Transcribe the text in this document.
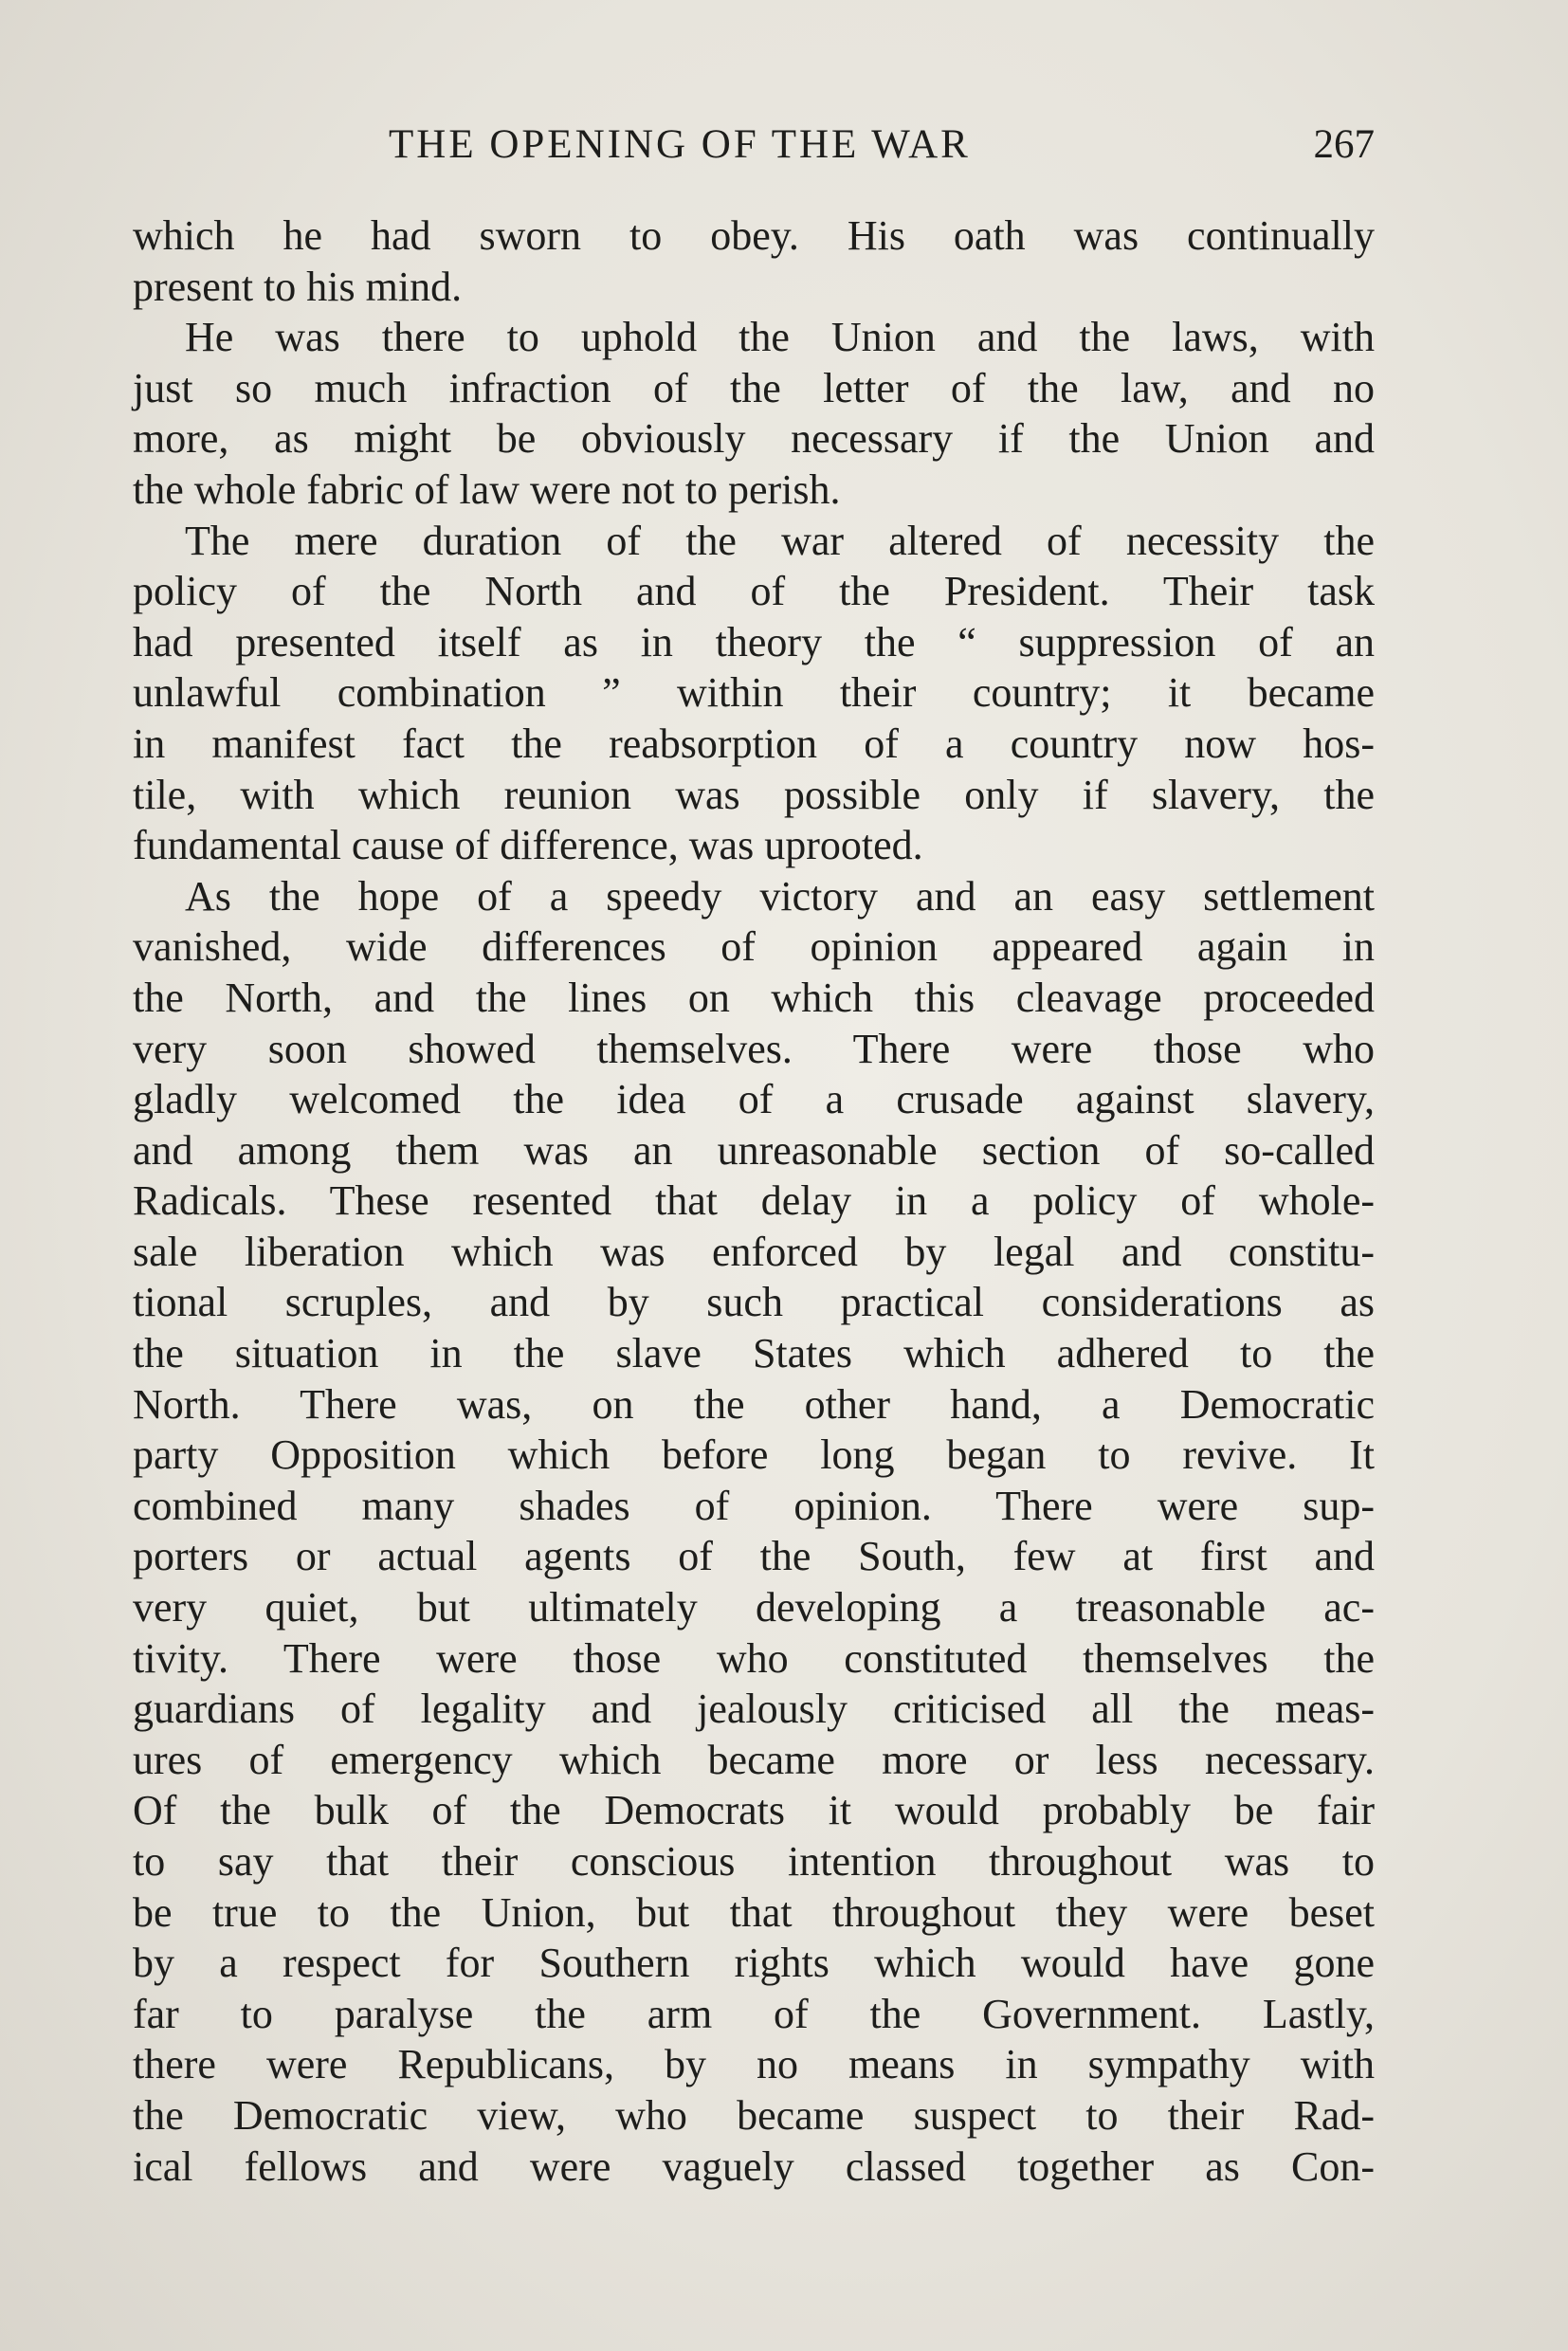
THE OPENING OF THE WAR	267
which he had sworn to obey. His oath was continually
present to his mind.
He was there to uphold the Union and the laws, with
just so much infraction of the letter of the law, and no
more, as might be obviously necessary if the Union and
the whole fabric of law were not to perish.
The mere duration of the war altered of necessity the
policy of the North and of the President. Their task
had presented itself as in theory the “ suppression of an
unlawful combination ” within their country; it became
in manifest fact the reabsorption of a country now hos-
tile, with which reunion was possible only if slavery, the
fundamental cause of difference, was uprooted.
As the hope of a speedy victory and an easy settlement
vanished, wide differences of opinion appeared again in
the North, and the lines on which this cleavage proceeded
very soon showed themselves. There were those who
gladly welcomed the idea of a crusade against slavery,
and among them was an unreasonable section of so-called
Radicals. These resented that delay in a policy of whole-
sale liberation which was enforced by legal and constitu-
tional scruples, and by such practical considerations as
the situation in the slave States which adhered to the
North. There was, on the other hand, a Democratic
party Opposition which before long began to revive. It
combined many shades of opinion. There were sup-
porters or actual agents of the South, few at first and
very quiet, but ultimately developing a treasonable ac-
tivity. There were those who constituted themselves the
guardians of legality and jealously criticised all the meas-
ures of emergency which became more or less necessary.
Of the bulk of the Democrats it would probably be fair
to say that their conscious intention throughout was to
be true to the Union, but that throughout they were beset
by a respect for Southern rights which would have gone
far to paralyse the arm of the Government. Lastly,
there were Republicans, by no means in sympathy with
the Democratic view, who became suspect to their Rad-
ical fellows and were vaguely classed together as Con-
